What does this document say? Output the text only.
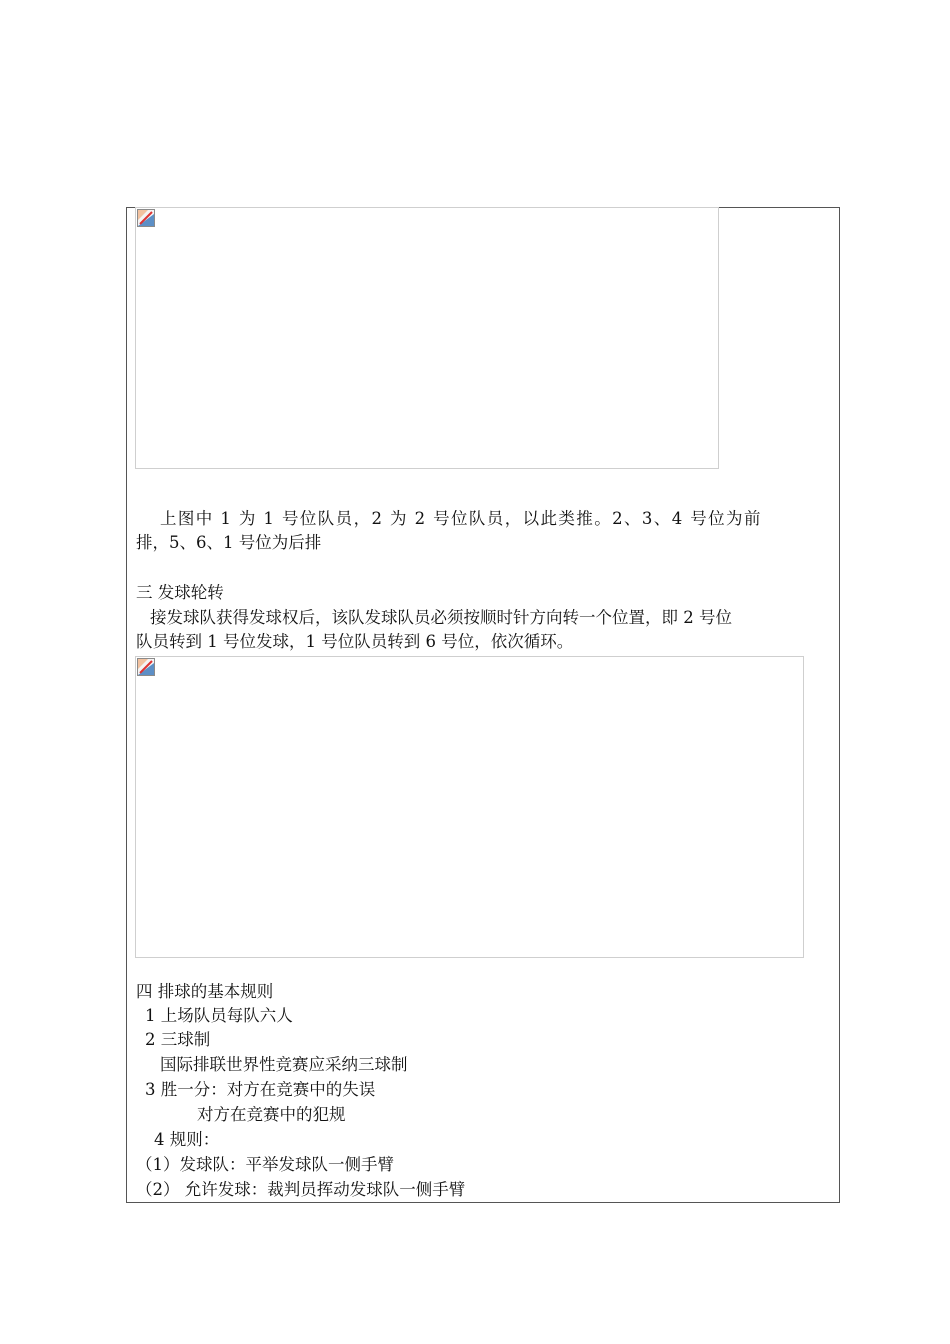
上图中 1 为 1 号位队员，2 为 2 号位队员，以此类推。2、3、4 号位为前
排，5、6、1 号位为后排
三 发球轮转
接发球队获得发球权后，该队发球队员必须按顺时针方向转一个位置，即 2 号位
队员转到 1 号位发球，1 号位队员转到 6 号位，依次循环。
四 排球的基本规则
1 上场队员每队六人
2 三球制
国际排联世界性竞赛应采纳三球制
3 胜一分：对方在竞赛中的失误
对方在竞赛中的犯规
4 规则：
（1）发球队：平举发球队一侧手臂
（2） 允许发球：裁判员挥动发球队一侧手臂
